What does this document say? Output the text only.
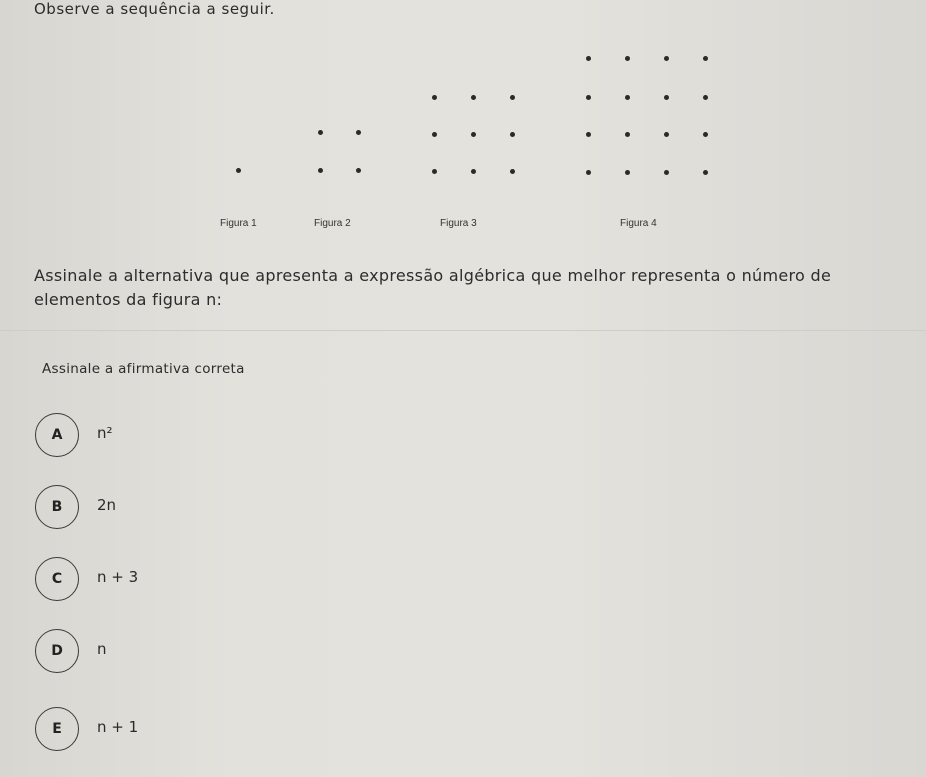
Observe a sequência a seguir.
Figura 1	Figura 2	Figura 3	Figura 4
Assinale a alternativa que apresenta a expressão algébrica que melhor representa o número de elementos da figura n:
Assinale a afirmativa correta
A	n²
B	2n
C	n + 3
D	n
E	n + 1
